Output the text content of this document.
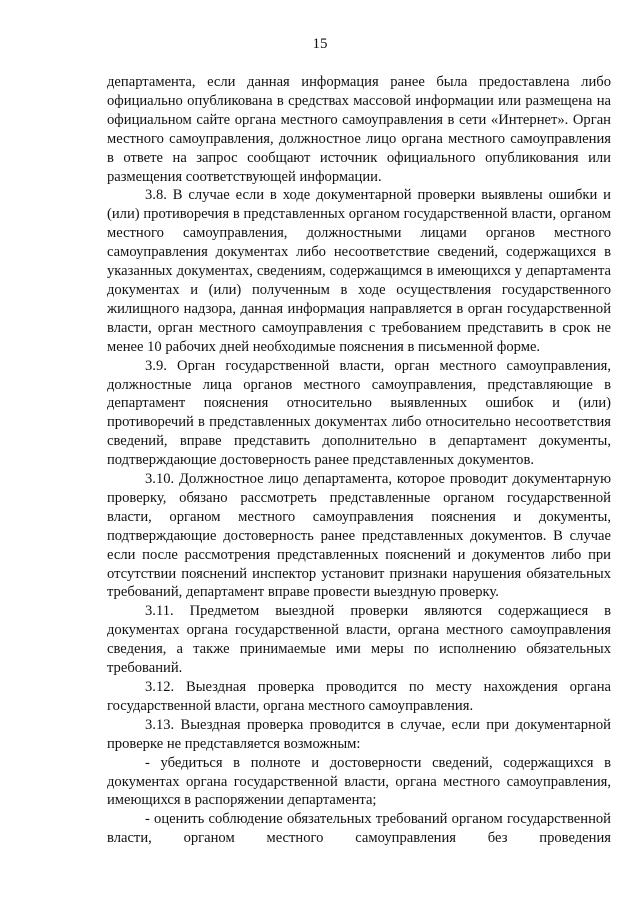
15

департамента, если данная информация ранее была предоставлена либо официально опубликована в средствах массовой информации или размещена на официальном сайте органа местного самоуправления в сети «Интернет». Орган местного самоуправления, должностное лицо органа местного самоуправления в ответе на запрос сообщают источник официального опубликования или размещения соответствующей информации.

3.8. В случае если в ходе документарной проверки выявлены ошибки и (или) противоречия в представленных органом государственной власти, органом местного самоуправления, должностными лицами органов местного самоуправления документах либо несоответствие сведений, содержащихся в указанных документах, сведениям, содержащимся в имеющихся у департамента документах и (или) полученным в ходе осуществления государственного жилищного надзора, данная информация направляется в орган государственной власти, орган местного самоуправления с требованием представить в срок не менее 10 рабочих дней необходимые пояснения в письменной форме.

3.9. Орган государственной власти, орган местного самоуправления, должностные лица органов местного самоуправления, представляющие в департамент пояснения относительно выявленных ошибок и (или) противоречий в представленных документах либо относительно несоответствия сведений, вправе представить дополнительно в департамент документы, подтверждающие достоверность ранее представленных документов.

3.10. Должностное лицо департамента, которое проводит документарную проверку, обязано рассмотреть представленные органом государственной власти, органом местного самоуправления пояснения и документы, подтверждающие достоверность ранее представленных документов. В случае если после рассмотрения представленных пояснений и документов либо при отсутствии пояснений инспектор установит признаки нарушения обязательных требований, департамент вправе провести выездную проверку.

3.11. Предметом выездной проверки являются содержащиеся в документах органа государственной власти, органа местного самоуправления сведения, а также принимаемые ими меры по исполнению обязательных требований.

3.12. Выездная проверка проводится по месту нахождения органа государственной власти, органа местного самоуправления.

3.13. Выездная проверка проводится в случае, если при документарной проверке не представляется возможным:

- убедиться в полноте и достоверности сведений, содержащихся в документах органа государственной власти, органа местного самоуправления, имеющихся в распоряжении департамента;

- оценить соблюдение обязательных требований органом государственной власти, органом местного самоуправления без проведения
